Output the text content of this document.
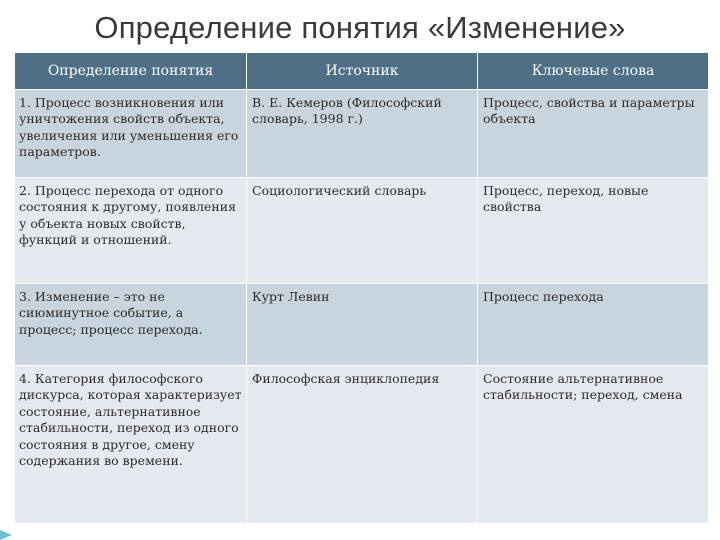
Определение понятия «Изменение»
Определение понятия	Источник	Ключевые слова
1. Процесс возникновения или уничтожения свойств объекта, увеличения или уменьшения его параметров.	В. Е. Кемеров (Философский словарь, 1998 г.)	Процесс, свойства и параметры объекта
2. Процесс перехода от одного состояния к другому, появления у объекта новых свойств, функций и отношений.	Социологический словарь	Процесс, переход, новые свойства
3. Изменение – это не сиюминутное событие, а процесс; процесс перехода.	Курт Левин	Процесс перехода
4. Категория философского дискурса, которая характеризует состояние, альтернативное стабильности, переход из одного состояния в другое, смену содержания во времени.	Философская энциклопедия	Состояние альтернативное стабильности; переход, смена
